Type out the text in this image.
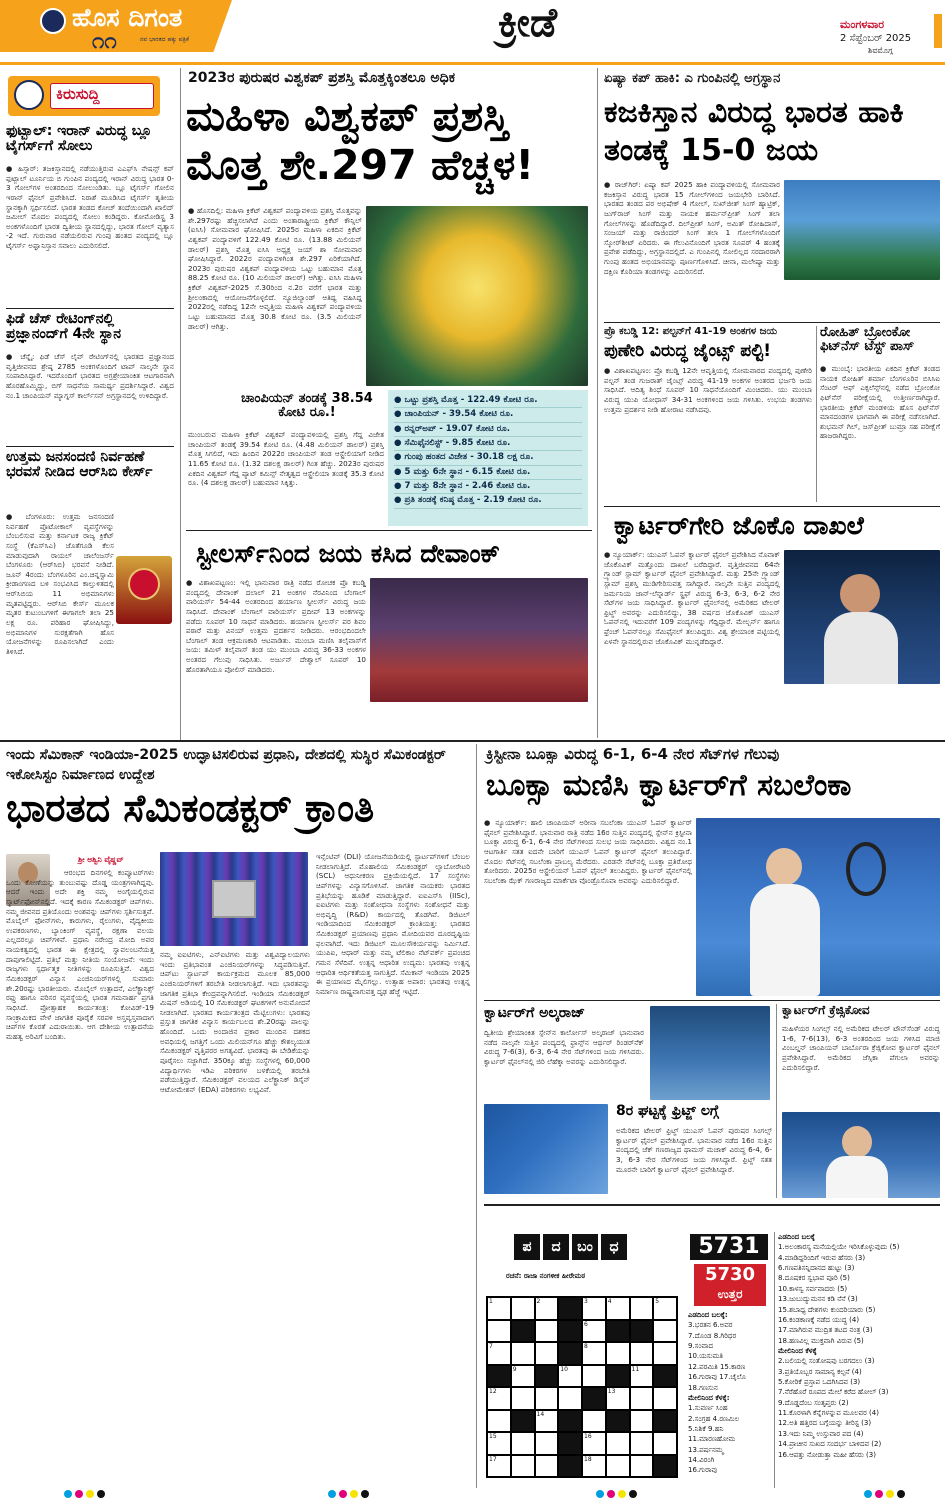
ಹೊಸ ದಿಗಂತ
ನವ ಭಾರತದ ಹಕ್ಕು ಪತ್ರಿಕೆ
೧೧	ಕ್ರೀಡೆ	ಮಂಗಳವಾರ
2 ಸೆಪ್ಟೆಂಬರ್ 2025
ಶಿವಮೊಗ್ಗ
ಕಿರುಸುದ್ದಿ
ಫುಟ್ಬಾಲ್: ಇರಾನ್ ವಿರುದ್ಧ ಬ್ಲೂ ಟೈಗರ್ಸ್‌ಗೆ ಸೋಲು
● ಹಿಸ್ಸಾರ್: ತಜಕಿಸ್ತಾನದಲ್ಲಿ ನಡೆಯುತ್ತಿರುವ ಎಎಫ್‌ಸಿ ನೇಷನ್ಸ್ ಕಪ್ ಫುಟ್ಬಾಲ್ ಟೂರ್ನಿಯ ಬಿ ಗುಂಪಿನ ಪಂದ್ಯದಲ್ಲಿ ಇರಾನ್ ವಿರುದ್ಧ ಭಾರತ 0-3 ಗೋಲ್‌ಗಳ ಅಂತರದಿಂದ ಸೋಲುಂಡಿತು. ಬ್ಲೂ ಟೈಗರ್ಸ್ ಗೋಲಿನ ಇರಾನ್ ಫೈನಲ್ ಪ್ರವೇಶಿಸಿದೆ. ನಿರಾಶೆ ಮೂಡಿಸಿದ ಟೈಗರ್ಸ್ ತೃತೀಯ ಸ್ಥಾನಕ್ಕಾಗಿ ಸ್ಪರ್ಧಿಸಲಿದೆ. ಭಾರತ ತಂಡದ ಕೋಚ್ ತಂದೆಯಿಂದಾಗಿ ಖಾಲಿದ್ ಜಮೀಲ್ ಮೊದಲ ಪಂದ್ಯದಲ್ಲಿ ಸೋಲು ಕಂಡಿದ್ದರು. ಕೋಮೋಡಿಸ್ಟ್ರ 3 ಅಂಕಗಳೊಂದಿಗೆ ಭಾರತ ದ್ವಿತೀಯ ಸ್ಥಾನದಲ್ಲಿದ್ದು, ಭಾರತ ಗೋಲ್ ವ್ಯತ್ಯಾಸ -2 ಇದೆ. ಗುರುವಾರ ನಡೆಯಲಿರುವ ಗುಂಪು ಹಂತದ ಪಂದ್ಯದಲ್ಲಿ ಬ್ಲೂ ಟೈಗರ್ಸ್ ಅಫ್ಘಾನಿಸ್ತಾನ ಸವಾಲು ಎದುರಿಸಲಿದೆ.
ಫಿಡೆ ಚೆಸ್ ರೇಟಿಂಗ್‌ನಲ್ಲಿ ಪ್ರಜ್ಞಾನಂದ್‌ಗೆ 4ನೇ ಸ್ಥಾನ
● ಚೆನ್ನೈ: ಫಿಡೆ ಚೆಸ್ ಲೈವ್ ರೇಟಿಂಗ್‌ನಲ್ಲಿ ಭಾರತದ ಪ್ರಜ್ಞಾನಂದ ವೃತ್ತಿಜೀವನದ ಶ್ರೇಷ್ಠ 2785 ಅಂಕಗಳೊಂದಿಗೆ ಟಾಪ್ ನಾಲ್ಕನೇ ಸ್ಥಾನ ಸಂಪಾದಿಸಿದ್ದಾರೆ. ಇದರೊಂದಿಗೆ ಭಾರತದ ಅಗ್ರಶ್ರೇಯಾಂಕಿತ ಆಟಗಾರನಾಗಿ ಹೊರಹೊಮ್ಮಿದ್ದು, ಬಿಗ್ ಸಾಧನೆಯ ಸಾಮರ್ಥ್ಯ ಪ್ರದರ್ಶಿಸಿದ್ದಾರೆ. ವಿಶ್ವದ ನಂ.1 ಚಾಂಪಿಯನ್ ಮ್ಯಾಗ್ನಸ್ ಕಾರ್ಲ್‌ಸನ್ ಅಗ್ರಸ್ಥಾನದಲ್ಲಿ ಉಳಿದಿದ್ದಾರೆ.
ಉತ್ತಮ ಜನಸಂದಣಿ ನಿರ್ವಹಣೆ ಭರವಸೆ ನೀಡಿದ ಆರ್‌ಸಿಬಿ ಕೇರ್ಸ್
● ಬೆಂಗಳೂರು: ಉತ್ತಮ ಜನಸಂದಣಿ ನಿರ್ವಹಣೆ ಪ್ರೊಟೋಕಾಲ್ ವ್ಯವಸ್ಥೆಗಳನ್ನು ಬೆಂಬಲಿಸುವ ಮತ್ತು ಕರ್ನಾಟಕ ರಾಜ್ಯ ಕ್ರಿಕೆಟ್ ಸಂಸ್ಥೆ (ಕೆಎಸ್‌ಸಿಎ) ಜೊತೆಗೂಡಿ ಕೆಲಸ ಮಾಡುವುದಾಗಿ ರಾಯಲ್ ಚಾಲೆಂಜರ್ಸ್ ಬೆಂಗಳೂರು (ಆರ್‌ಸಿಬಿ) ಭರವಸೆ ನೀಡಿದೆ. ಜೂನ್ 4ರಂದು ಬೆಂಗಳೂರಿನ ಎಂ.ಚಿನ್ನಸ್ವಾಮಿ ಕ್ರೀಡಾಂಗಣದ ಬಳಿ ಸಂಭವಿಸಿದ ಕಾಲ್ತುಳಿತದಲ್ಲಿ ಆರ್‌ಸಿಬಿಯ 11 ಅಭಿಮಾನಿಗಳು ಮೃತಪಟ್ಟಿದ್ದರು. ಆರ್‌ಸಿಬಿ ಕೇರ್ಸ್ ಮೂಲಕ ಮೃತರ ಕುಟುಂಬಗಳಿಗೆ ಈಗಾಗಲೇ ತಲಾ 25 ಲಕ್ಷ ರೂ. ಪರಿಹಾರ ಘೋಷಿಸಿದ್ದು, ಅಭಿಮಾನಿಗಳ ಸುರಕ್ಷತೆಗಾಗಿ ಹೊಸ ಯೋಜನೆಗಳನ್ನು ರೂಪಿಸಲಾಗಿದೆ ಎಂದು ತಿಳಿಸಿದೆ.
2023ರ ಪುರುಷರ ವಿಶ್ವಕಪ್ ಪ್ರಶಸ್ತಿ ಮೊತ್ತಕ್ಕಿಂತಲೂ ಅಧಿಕ
ಮಹಿಳಾ ವಿಶ್ವಕಪ್ ಪ್ರಶಸ್ತಿ ಮೊತ್ತ ಶೇ.297 ಹೆಚ್ಚಳ!
● ಹೊಸದಿಲ್ಲಿ: ಮಹಿಳಾ ಕ್ರಿಕೆಟ್ ವಿಶ್ವಕಪ್ ಪಂದ್ಯಾವಳಿಯ ಪ್ರಶಸ್ತಿ ಮೊತ್ತವನ್ನು ಶೇ.297ರಷ್ಟು ಹೆಚ್ಚಿಸಲಾಗಿದೆ ಎಂದು ಅಂತಾರಾಷ್ಟ್ರೀಯ ಕ್ರಿಕೆಟ್ ಕೌನ್ಸಿಲ್ (ಐಸಿಸಿ) ಸೋಮವಾರ ಘೋಷಿಸಿದೆ. 2025ರ ಮಹಿಳಾ ಏಕದಿನ ಕ್ರಿಕೆಟ್ ವಿಶ್ವಕಪ್ ಪಂದ್ಯಾವಳಿಗೆ 122.49 ಕೋಟಿ ರೂ. (13.88 ಮಿಲಿಯನ್ ಡಾಲರ್) ಪ್ರಶಸ್ತಿ ಮೊತ್ತ ಐಸಿಸಿ ಅಧ್ಯಕ್ಷ ಜಯ್ ಶಾ ಸೋಮವಾರ ಘೋಷಿಸಿದ್ದಾರೆ. 2022ರ ಪಂದ್ಯಾವಳಿಗಿಂತ ಶೇ.297 ಏರಿಕೆಯಾಗಿದೆ. 2023ರ ಪುರುಷರ ವಿಶ್ವಕಪ್ ಪಂದ್ಯಾವಳಿಯ ಒಟ್ಟು ಬಹುಮಾನ ಮೊತ್ತ 88.25 ಕೋಟಿ ರೂ. (10 ಮಿಲಿಯನ್ ಡಾಲರ್) ಆಗಿತ್ತು. ಐಸಿಸಿ ಮಹಿಳಾ ಕ್ರಿಕೆಟ್ ವಿಶ್ವಕಪ್-2025 ಸೆ.30ರಿಂದ ನ.2ರ ವರೆಗೆ ಭಾರತ ಮತ್ತು ಶ್ರೀಲಂಕಾದಲ್ಲಿ ಆಯೋಜನೆಗೊಳ್ಳಲಿದೆ. ನ್ಯೂಜಿಲ್ಯಾಂಡ್ ಆತಿಥ್ಯ ವಹಿಸಿದ್ದ 2022ರಲ್ಲಿ ನಡೆದಿದ್ದ 12ನೇ ಆವೃತ್ತಿಯ ಮಹಿಳಾ ವಿಶ್ವಕಪ್ ಪಂದ್ಯಾವಳಿಯ ಒಟ್ಟು ಬಹುಮಾನದ ಮೊತ್ತ 30.8 ಕೋಟಿ ರೂ. (3.5 ಮಿಲಿಯನ್ ಡಾಲರ್) ಆಗಿತ್ತು.
ಚಾಂಪಿಯನ್ ತಂಡಕ್ಕೆ 38.54 ಕೋಟಿ ರೂ.!
ಮುಂಬರುವ ಮಹಿಳಾ ಕ್ರಿಕೆಟ್ ವಿಶ್ವಕಪ್ ಪಂದ್ಯಾವಳಿಯಲ್ಲಿ ಪ್ರಶಸ್ತಿ ಗೆದ್ದ ವಿಜೇತ ಚಾಂಪಿಯನ್ ತಂಡಕ್ಕೆ 39.54 ಕೋಟಿ ರೂ. (4.48 ಮಿಲಿಯನ್ ಡಾಲರ್) ಪ್ರಶಸ್ತಿ ಮೊತ್ತ ಸಿಗಲಿದೆ, ಇದು ಹಿಂದಿನ 2022ರ ಚಾಂಪಿಯನ್ ತಂಡ ಆಸ್ಟ್ರೇಲಿಯಾಗೆ ನೀಡಿದ 11.65 ಕೋಟಿ ರೂ. (1.32 ದಶಲಕ್ಷ ಡಾಲರ್) ಗಿಂತ ಹೆಚ್ಚು. 2023ರ ಪುರುಷರ ಏಕದಿನ ವಿಶ್ವಕಪ್ ಗೆದ್ದ ಪ್ಯಾಟ್ ಕಮಿನ್ಸ್ ನೇತೃತ್ವದ ಆಸ್ಟ್ರೇಲಿಯಾ ತಂಡಕ್ಕೆ 35.3 ಕೋಟಿ ರೂ. (4 ದಶಲಕ್ಷ ಡಾಲರ್) ಬಹುಮಾನ ಸಿಕ್ಕಿತ್ತು.
● ಒಟ್ಟು ಪ್ರಶಸ್ತಿ ಮೊತ್ತ - 122.49 ಕೋಟಿ ರೂ.
● ಚಾಂಪಿಯನ್ - 39.54 ಕೋಟಿ ರೂ.
● ರನ್ನರ್‌ಅಪ್ - 19.07 ಕೋಟಿ ರೂ.
● ಸೆಮಿಫೈನಲಿಸ್ಟ್ - 9.85 ಕೋಟಿ ರೂ.
● ಗುಂಪು ಹಂತದ ವಿಜೇತ - 30.18 ಲಕ್ಷ ರೂ.
● 5 ಮತ್ತು 6ನೇ ಸ್ಥಾನ - 6.15 ಕೋಟಿ ರೂ.
● 7 ಮತ್ತು 8ನೇ ಸ್ಥಾನ - 2.46 ಕೋಟಿ ರೂ.
● ಪ್ರತಿ ತಂಡಕ್ಕೆ ಕನಿಷ್ಠ ಮೊತ್ತ - 2.19 ಕೋಟಿ ರೂ.
ಏಷ್ಯಾ ಕಪ್ ಹಾಕಿ: ಎ ಗುಂಪಿನಲ್ಲಿ ಅಗ್ರಸ್ಥಾನ
ಕಜಕಿಸ್ತಾನ ವಿರುದ್ಧ ಭಾರತ ಹಾಕಿ ತಂಡಕ್ಕೆ 15-0 ಜಯ
● ರಾಜ್‌ಗಿರ್: ಏಷ್ಯಾ ಕಪ್ 2025 ಹಾಕಿ ಪಂದ್ಯಾವಳಿಯಲ್ಲಿ ಸೋಮವಾರ ಕಜಕಿಸ್ತಾನ ವಿರುದ್ಧ ಭಾರತ 15 ಗೋಲ್‌ಗಳಿಂದ ಜಯಭೇರಿ ಬಾರಿಸಿದೆ. ಭಾರತದ ತಂಡದ ಪರ ಅಭಿಷೇಕ್ 4 ಗೋಲ್, ಸುಖ್‌ಜೀತ್ ಸಿಂಗ್ ಹ್ಯಾಟ್ರಿಕ್, ಜುಗ್‌ರಾಜ್ ಸಿಂಗ್ ಮತ್ತು ನಾಯಕ ಹರ್ಮನ್‌ಪ್ರೀತ್ ಸಿಂಗ್ ತಲಾ ಗೋಲ್‌ಗಳನ್ನು ಹೊಡೆದಿದ್ದಾರೆ. ದಿಲ್‌ಪ್ರೀತ್ ಸಿಂಗ್, ಅಮಿತ್ ರೋಹಿದಾಸ್, ಸಂಜಯ್ ಮತ್ತು ರಾಜಿಂದರ್ ಸಿಂಗ್ ತಲಾ 1 ಗೋಲ್‌ಗಳೊಂದಿಗೆ ಸ್ಕೋರ್‌ಶೀಟ್ ಏರಿದರು. ಈ ಗೆಲುವಿನೊಂದಿಗೆ ಭಾರತ ಸೂಪರ್ 4 ಹಂತಕ್ಕೆ ಪ್ರವೇಶ ಪಡೆದಿದ್ದು, ಅಗ್ರಸ್ಥಾನದಲ್ಲಿದೆ. ಎ ಗುಂಪಿನಲ್ಲಿ ಸೋಲಿಲ್ಲದ ಸರದಾರರಾಗಿ ಗುಂಪು ಹಂತದ ಅಭಿಯಾನವನ್ನು ಪೂರ್ಣಗೊಳಿಸಿದೆ. ಚೀನಾ, ಮಲೇಷ್ಯಾ ಮತ್ತು ದಕ್ಷಿಣ ಕೊರಿಯಾ ತಂಡಗಳನ್ನು ಎದುರಿಸಲಿದೆ.
ಪ್ರೊ ಕಬಡ್ಡಿ 12: ಪಲ್ಟನ್‌ಗೆ 41-19 ಅಂಕಗಳ ಜಯ
ಪುಣೇರಿ ವಿರುದ್ಧ ಜೈಂಟ್ಸ್ ಪಲ್ಟಿ!
● ವಿಶಾಖಪಟ್ಟಣಂ: ಪ್ರೊ ಕಬಡ್ಡಿ 12ನೇ ಆವೃತ್ತಿಯಲ್ಲಿ ಸೋಮವಾರದ ಪಂದ್ಯದಲ್ಲಿ ಪುಣೇರಿ ಪಲ್ಟನ್ ತಂಡ ಗುಜರಾತ್ ಜೈಂಟ್ಸ್ ವಿರುದ್ಧ 41-19 ಅಂಕಗಳ ಅಂತರದ ಭರ್ಜರಿ ಜಯ ಸಾಧಿಸಿದೆ. ಆದಿತ್ಯ ಶಿಂಧೆ ಸೂಪರ್ 10 ಸಾಧನೆಯೊಂದಿಗೆ ಮಿಂಚಿದರು. ಯು ಮುಂಬಾ ವಿರುದ್ಧ ಯುಪಿ ಯೋಧಾಸ್ 34-31 ಅಂಕಗಳಿಂದ ಜಯ ಗಳಿಸಿತು. ಉಭಯ ತಂಡಗಳು ಉತ್ತಮ ಪ್ರದರ್ಶನ ನೀಡಿ ಹೋರಾಟ ನಡೆಸಿದವು.
ರೋಹಿತ್ ಬ್ರೋಂಕೋ ಫಿಟ್‌ನೆಸ್ ಟೆಸ್ಟ್ ಪಾಸ್
● ಮುಂಬೈ: ಭಾರತೀಯ ಏಕದಿನ ಕ್ರಿಕೆಟ್ ತಂಡದ ನಾಯಕ ರೋಹಿತ್ ಶರ್ಮಾ ಬೆಂಗಳೂರಿನ ಬಿಸಿಸಿಐ ಸೆಂಟರ್ ಆಫ್ ಎಕ್ಸಲೆನ್ಸ್‌ನಲ್ಲಿ ನಡೆದ ಬ್ರೋಂಕೋ ಫಿಟ್‌ನೆಸ್ ಪರೀಕ್ಷೆಯಲ್ಲಿ ಉತ್ತೀರ್ಣರಾಗಿದ್ದಾರೆ. ಭಾರತೀಯ ಕ್ರಿಕೆಟ್ ಮಂಡಳಿಯ ಹೊಸ ಫಿಟ್‌ನೆಸ್ ಮಾನದಂಡಗಳ ಭಾಗವಾಗಿ ಈ ಪರೀಕ್ಷೆ ನಡೆಸಲಾಗಿದೆ. ಶುಭಮನ್ ಗಿಲ್, ಜಸ್‌ಪ್ರೀತ್ ಬುಮ್ರಾ ಸಹ ಪರೀಕ್ಷೆಗೆ ಹಾಜರಾಗಿದ್ದರು.
ಕ್ವಾರ್ಟರ್‌ಗೇರಿ ಜೊಕೊ ದಾಖಲೆ
● ನ್ಯೂಯಾರ್ಕ್: ಯುಎಸ್ ಓಪನ್ ಕ್ವಾರ್ಟರ್ ಫೈನಲ್ ಪ್ರವೇಶಿಸಿದ ನೊವಾಕ್ ಜೊಕೊವಿಕ್ ಮತ್ತೊಂದು ದಾಖಲೆ ಬರೆದಿದ್ದಾರೆ. ವೃತ್ತಿಜೀವನದ 64ನೇ ಗ್ರ್ಯಾಂಡ್ ಸ್ಲಾಮ್ ಕ್ವಾರ್ಟರ್ ಫೈನಲ್ ಪ್ರವೇಶಿಸಿದ್ದಾರೆ. ಮತ್ತು 25ನೇ ಗ್ರ್ಯಾಂಡ್ ಸ್ಲಾಮ್ ಪ್ರಶಸ್ತಿ ಮುಡಿಗೇರಿಸುವತ್ತ ಸಾಗಿದ್ದಾರೆ. ನಾಲ್ಕನೇ ಸುತ್ತಿನ ಪಂದ್ಯದಲ್ಲಿ ಜರ್ಮನಿಯ ಜಾನ್-ಲೆನ್ನಾರ್ಡ್ ಸ್ಟ್ರಫ್ ವಿರುದ್ಧ 6-3, 6-3, 6-2 ನೇರ ಸೆಟ್‌ಗಳ ಜಯ ಸಾಧಿಸಿದ್ದಾರೆ. ಕ್ವಾರ್ಟರ್ ಫೈನಲ್‌ನಲ್ಲಿ ಅಮೆರಿಕದ ಟೇಲರ್ ಫ್ರಿಟ್ಜ್ ಅವರನ್ನು ಎದುರಿಸಲಿದ್ದು, 38 ವರ್ಷದ ಜೊಕೊವಿಕ್ ಯುಎಸ್ ಓಪನ್‌ನಲ್ಲಿ ಇದುವರೆಗೆ 109 ಪಂದ್ಯಗಳನ್ನು ಗೆದ್ದಿದ್ದಾರೆ. ಮೇಲ್ಬರ್ನ್ ಹಾಗೂ ಫ್ರೆಂಚ್ ಓಪನ್‌ನಲ್ಲೂ ಸೆಮಿಫೈನಲ್ ತಲುಪಿದ್ದರು. ವಿಶ್ವ ಶ್ರೇಯಾಂಕ ಪಟ್ಟಿಯಲ್ಲಿ ಏಳನೇ ಸ್ಥಾನದಲ್ಲಿರುವ ಜೊಕೊವಿಕ್ ಮುನ್ನಡೆದಿದ್ದಾರೆ.
ಸ್ಟೀಲರ್ಸ್‌ನಿಂದ ಜಯ ಕಸಿದ ದೇವಾಂಕ್
● ವಿಶಾಖಪಟ್ಟಣಂ: ಇಲ್ಲಿ ಭಾನುವಾರ ರಾತ್ರಿ ನಡೆದ ರೋಚಕ ಪ್ರೊ ಕಬಡ್ಡಿ ಪಂದ್ಯದಲ್ಲಿ ದೇವಾಂಕ್ ದಲಾಲ್ 21 ಅಂಕಗಳ ನೆರವಿನಿಂದ ಬೆಂಗಾಲ್ ವಾರಿಯರ್ಸ್ 54-44 ಅಂತರದಿಂದ ಹರ್ಯಾಣ ಸ್ಟೀಲರ್ಸ್ ವಿರುದ್ಧ ಜಯ ಸಾಧಿಸಿದೆ. ದೇವಾಂಕ್ ಬೆಂಗಾಲ್ ವಾರಿಯರ್ಸ್ ಪ್ರದೀಪ್ 13 ಅಂಕಗಳನ್ನು ಪಡೆದು ಸೂಪರ್ 10 ಸಾಧನೆ ಮಾಡಿದರು. ಹರ್ಯಾಣ ಸ್ಟೀಲರ್ಸ್ ಪರ ಶಿವಂ ಪಠಾರೆ ಮತ್ತು ವಿನಯ್ ಉತ್ತಮ ಪ್ರದರ್ಶನ ನೀಡಿದರು. ಆರಂಭದಿಂದಲೇ ಬೆಂಗಾಲ್ ತಂಡ ಆಕ್ರಮಣಕಾರಿ ಆಟವಾಡಿತು. ಮುಂಬಾ ಮಣಿಸಿ ತಲೈವಾಸ್‌ಗೆ ಜಯ: ತಮಿಳ್ ತಲೈವಾಸ್ ತಂಡ ಯು ಮುಂಬಾ ವಿರುದ್ಧ 36-33 ಅಂಕಗಳ ಅಂತರದ ಗೆಲುವು ಸಾಧಿಸಿತು. ಅರ್ಜುನ್ ದೇಶ್ವಾಲ್ ಸೂಪರ್ 10 ಹೊರತಾಗಿಯೂ ಪೋಲಿಸ್ ಮಾಡಿದರು.
ಇಂದು ಸೆಮಿಕಾನ್ ಇಂಡಿಯಾ-2025 ಉದ್ಘಾಟಿಸಲಿರುವ ಪ್ರಧಾನಿ, ದೇಶದಲ್ಲಿ ಸುಸ್ಥಿರ ಸೆಮಿಕಂಡಕ್ಟರ್ ಇಕೋಸಿಸ್ಟಂ ನಿರ್ಮಾಣದ ಉದ್ದೇಶ
ಭಾರತದ ಸೆಮಿಕಂಡಕ್ಟರ್ ಕ್ರಾಂತಿ
ಶ್ರೀ ಅಶ್ವಿನಿ ವೈಷ್ಣವ್
ಆರಂಭದ ದಿನಗಳಲ್ಲಿ ಕಂಪ್ಯೂಟರ್‌ಗಳು ಒಂದು ಕೋಣೆಯನ್ನು ತುಂಬುವಷ್ಟು ದೊಡ್ಡ ಯಂತ್ರಗಳಾಗಿದ್ದವು. ಆದರೆ ಇಂದು ಅದೇ ಶಕ್ತಿ ನಮ್ಮ ಅಂಗೈಯಲ್ಲಿರುವ ಸ್ಮಾರ್ಟ್‌ಫೋನ್‌ನಲ್ಲಿದೆ. ಇದಕ್ಕೆ ಕಾರಣ ಸೆಮಿಕಂಡಕ್ಟರ್ ಚಿಪ್‌ಗಳು. ನಮ್ಮ ಜೀವನದ ಪ್ರತಿಯೊಂದು ಅಂಶವನ್ನು ಚಿಪ್‌ಗಳು ಸ್ಪರ್ಶಿಸುತ್ತವೆ. ಮೊಬೈಲ್ ಫೋನ್‌ಗಳು, ಕಾರುಗಳು, ರೈಲುಗಳು, ವೈದ್ಯಕೀಯ ಉಪಕರಣಗಳು, ಬ್ಯಾಂಕಿಂಗ್ ವ್ಯವಸ್ಥೆ, ರಕ್ಷಣಾ ವಲಯ ಎಲ್ಲದರಲ್ಲೂ ಚಿಪ್‌ಗಳಿವೆ. ಪ್ರಧಾನಿ ನರೇಂದ್ರ ಮೋದಿ ಅವರ ನಾಯಕತ್ವದಲ್ಲಿ ಭಾರತ ಈ ಕ್ಷೇತ್ರದಲ್ಲಿ ಸ್ವಾವಲಂಬನೆಯತ್ತ ದಾಪುಗಾಲಿಟ್ಟಿದೆ. ಪ್ರತಿಭೆ ಮತ್ತು ನೀತಿಯ ಸಂಯೋಜನೆ: ಇಂದು ರಾಜ್ಯಗಳು ಸ್ಪರ್ಧಾತ್ಮಕ ನೀತಿಗಳನ್ನು ರೂಪಿಸುತ್ತಿವೆ. ವಿಶ್ವದ ಸೆಮಿಕಂಡಕ್ಟರ್ ವಿನ್ಯಾಸ ಎಂಜಿನಿಯರ್‌ಗಳಲ್ಲಿ ಸುಮಾರು ಶೇ.20ರಷ್ಟು ಭಾರತೀಯರು. ಮೊಬೈಲ್ ಉತ್ಪಾದನೆ, ಎಲೆಕ್ಟ್ರಾನಿಕ್ಸ್ ರಫ್ತು ಹಾಗೂ ಪರಿಸರ ವ್ಯವಸ್ಥೆಯಲ್ಲಿ ಭಾರತ ಗಮನಾರ್ಹ ಪ್ರಗತಿ ಸಾಧಿಸಿದೆ. ಪ್ರೋತ್ಸಾಹಕ ಕಾರ್ಯತಂತ್ರ: ಕೋವಿಡ್-19 ಸಾಂಕ್ರಾಮಿಕದ ವೇಳೆ ಜಾಗತಿಕ ಪೂರೈಕೆ ಸರಪಳಿ ಅಸ್ತವ್ಯಸ್ತವಾದಾಗ ಚಿಪ್‌ಗಳ ಕೊರತೆ ಎದುರಾಯಿತು. ಆಗ ದೇಶೀಯ ಉತ್ಪಾದನೆಯ ಮಹತ್ವ ಅರಿವಿಗೆ ಬಂದಿತು.
ನಮ್ಮ ಐಐಟಿಗಳು, ಎನ್‌ಐಟಿಗಳು ಮತ್ತು ವಿಶ್ವವಿದ್ಯಾಲಯಗಳು ಇಂದು ಪ್ರತಿಭಾವಂತ ಎಂಜಿನಿಯರ್‌ಗಳನ್ನು ಸಿದ್ಧಪಡಿಸುತ್ತಿವೆ. ಚಿಪ್‌ಟು ಸ್ಟಾರ್ಟಪ್ ಕಾರ್ಯಕ್ರಮದ ಮೂಲಕ 85,000 ಎಂಜಿನಿಯರ್‌ಗಳಿಗೆ ತರಬೇತಿ ನೀಡಲಾಗುತ್ತಿದೆ. ಇದು ಭಾರತವನ್ನು ಜಾಗತಿಕ ಪ್ರತಿಭಾ ಕೇಂದ್ರವನ್ನಾಗಿಸಲಿದೆ. ಇಂಡಿಯಾ ಸೆಮಿಕಂಡಕ್ಟರ್ ಮಿಷನ್ ಅಡಿಯಲ್ಲಿ 10 ಸೆಮಿಕಂಡಕ್ಟರ್ ಘಟಕಗಳಿಗೆ ಅನುಮೋದನೆ ನೀಡಲಾಗಿದೆ. ಭಾರತದ ಕಾರ್ಯತಂತ್ರದ ಮೆಟ್ಟಿಲುಗಳು: ಭಾರತವು ಪ್ರಸ್ತುತ ಜಾಗತಿಕ ವಿನ್ಯಾಸ ಕಾರ್ಯಬಲದ ಶೇ.20ರಷ್ಟು ಪಾಲನ್ನು ಹೊಂದಿದೆ. ಒಂದು ಅಂದಾಜಿನ ಪ್ರಕಾರ ಮುಂದಿನ ದಶಕದ ಅವಧಿಯಲ್ಲಿ ಜಗತ್ತಿಗೆ ಒಂದು ಮಿಲಿಯನ್‌ಗೂ ಹೆಚ್ಚು ಕೌಶಲ್ಯಯುತ ಸೆಮಿಕಂಡಕ್ಟರ್ ವೃತ್ತಿಪರರ ಅಗತ್ಯವಿದೆ. ಭಾರತವು ಈ ಬೇಡಿಕೆಯನ್ನು ಪೂರೈಸಲು ಸಜ್ಜಾಗಿದೆ. 350ಕ್ಕೂ ಹೆಚ್ಚು ಸಂಸ್ಥೆಗಳಲ್ಲಿ 60,000 ವಿದ್ಯಾರ್ಥಿಗಳು ಇಡಿಎ ಪರಿಕರಗಳ ಬಳಕೆಯಲ್ಲಿ ತರಬೇತಿ ಪಡೆಯುತ್ತಿದ್ದಾರೆ. ಸೆಮಿಕಂಡಕ್ಟರ್ ವಲಯದ ಎಲೆಕ್ಟ್ರಾನಿಕ್ ಡಿಸೈನ್ ಆಟೋಮೇಶನ್ (EDA) ಪರಿಕರಗಳು ಲಭ್ಯವಿವೆ.
ಇನ್ಸೆಂಟಿವ್ (DLI) ಯೋಜನೆಯಡಿಯಲ್ಲಿ ಸ್ಟಾರ್ಟಪ್‌ಗಳಿಗೆ ಬೆಂಬಲ ನೀಡಲಾಗುತ್ತಿದೆ. ಮೊಹಾಲಿಯ ಸೆಮಿಕಂಡಕ್ಟರ್ ಲ್ಯಾಬೋರೇಟರಿ (SCL) ಆಧುನೀಕರಣ ಪ್ರಕ್ರಿಯೆಯಲ್ಲಿದೆ. 17 ಸಂಸ್ಥೆಗಳು ಚಿಪ್‌ಗಳನ್ನು ವಿನ್ಯಾಸಗೊಳಿಸಿವೆ. ಜಾಗತಿಕ ನಾಯಕರು ಭಾರತದ ಪ್ರತಿಭೆಯನ್ನು ಹೂಡಿಕೆ ಮಾಡುತ್ತಿದ್ದಾರೆ. ಐಐಎಸ್‌ಸಿ (IISc), ಐಐಟಿಗಳು ಮತ್ತು ಸಂಶೋಧನಾ ಸಂಸ್ಥೆಗಳು ಸಂಶೋಧನೆ ಮತ್ತು ಅಭಿವೃದ್ಧಿ (R&D) ಕಾರ್ಯದಲ್ಲಿ ತೊಡಗಿವೆ. ಡಿಜಿಟಲ್ ಇಂಡಿಯಾದಿಂದ ಸೆಮಿಕಂಡಕ್ಟರ್ ಕ್ರಾಂತಿಯತ್ತ: ಭಾರತದ ಸೆಮಿಕಂಡಕ್ಟರ್ ಪ್ರಯಾಣವು ಪ್ರಧಾನಿ ಮೋದಿಯವರ ದೂರದೃಷ್ಟಿಯ ಫಲವಾಗಿದೆ. ಇದು ಡಿಜಿಟಲ್ ಮೂಲಸೌಕರ್ಯವನ್ನು ನಿರ್ಮಿಸಿದೆ. ಯುಪಿಐ, ಆಧಾರ್ ಮತ್ತು ನಮ್ಮ ಟೆಲಿಕಾಂ ನೆಟ್‌ವರ್ಕ್ ಪ್ರಪಂಚದ ಗಮನ ಸೆಳೆದಿವೆ. ಉತ್ಪನ್ನ ಆಧಾರಿತ ಉದ್ಯಮ: ಭಾರತವು ಉತ್ಪನ್ನ ಆಧಾರಿತ ಆರ್ಥಿಕತೆಯತ್ತ ಸಾಗುತ್ತಿದೆ. ಸೆಮಿಕಾನ್ ಇಂಡಿಯಾ 2025 ಈ ಪ್ರಯಾಣದ ಮೈಲಿಗಲ್ಲು. ಉತ್ಸಾಹ ಅಪಾರ: ಭಾರತವು ಉತ್ಪನ್ನ ನಿರ್ಮಾಣ ರಾಷ್ಟ್ರವಾಗುವತ್ತ ದೃಢ ಹೆಜ್ಜೆ ಇಟ್ಟಿದೆ.
ಕ್ರಿಸ್ಟೀನಾ ಬೂಕ್ಸಾ ವಿರುದ್ಧ 6-1, 6-4 ನೇರ ಸೆಟ್‌ಗಳ ಗೆಲುವು
ಬೂಕ್ಸಾ ಮಣಿಸಿ ಕ್ವಾರ್ಟರ್‌ಗೆ ಸಬಲೆಂಕಾ
● ನ್ಯೂಯಾರ್ಕ್: ಹಾಲಿ ಚಾಂಪಿಯನ್ ಅರೀನಾ ಸಬಲೆಂಕಾ ಯುಎಸ್ ಓಪನ್ ಕ್ವಾರ್ಟರ್ ಫೈನಲ್ ಪ್ರವೇಶಿಸಿದ್ದಾರೆ. ಭಾನುವಾರ ರಾತ್ರಿ ನಡೆದ 16ರ ಸುತ್ತಿನ ಪಂದ್ಯದಲ್ಲಿ ಸ್ಪೇನ್‌ನ ಕ್ರಿಸ್ಟೀನಾ ಬೂಕ್ಸಾ ವಿರುದ್ಧ 6-1, 6-4 ನೇರ ಸೆಟ್‌ಗಳಿಂದ ಸುಲಭ ಜಯ ಸಾಧಿಸಿದರು. ವಿಶ್ವದ ನಂ.1 ಆಟಗಾರ್ತಿ ಸತತ ಐದನೇ ಬಾರಿಗೆ ಯುಎಸ್ ಓಪನ್ ಕ್ವಾರ್ಟರ್ ಫೈನಲ್ ತಲುಪಿದ್ದಾರೆ. ಮೊದಲ ಸೆಟ್‌ನಲ್ಲಿ ಸಬಲೆಂಕಾ ಪ್ರಾಬಲ್ಯ ಮೆರೆದರು. ಎರಡನೇ ಸೆಟ್‌ನಲ್ಲಿ ಬೂಕ್ಸಾ ಪ್ರತಿರೋಧ ತೋರಿದರು. 2025ರ ಆಸ್ಟ್ರೇಲಿಯನ್ ಓಪನ್ ಫೈನಲ್ ತಲುಪಿದ್ದರು. ಕ್ವಾರ್ಟರ್ ಫೈನಲ್‌ನಲ್ಲಿ ಸಬಲೆಂಕಾ ಝೆಕ್ ಗಣರಾಜ್ಯದ ಮಾರ್ಕೆಟಾ ವೊಂಡ್ರೊಸೊವಾ ಅವರನ್ನು ಎದುರಿಸಲಿದ್ದಾರೆ.
ಕ್ವಾರ್ಟರ್‌ಗೆ ಅಲ್ಕರಾಜ್
ದ್ವಿತೀಯ ಶ್ರೇಯಾಂಕಿತ ಸ್ಪೇನ್‌ನ ಕಾರ್ಲೋಸ್ ಅಲ್ಕರಾಜ್ ಭಾನುವಾರ ನಡೆದ ನಾಲ್ಕನೇ ಸುತ್ತಿನ ಪಂದ್ಯದಲ್ಲಿ ಫ್ರಾನ್ಸ್‌ನ ಆರ್ಥರ್ ರಿಂಡರ್‌ನೆಕ್ ವಿರುದ್ಧ 7-6(3), 6-3, 6-4 ನೇರ ಸೆಟ್‌ಗಳಿಂದ ಜಯ ಗಳಿಸಿದರು. ಕ್ವಾರ್ಟರ್ ಫೈನಲ್‌ನಲ್ಲಿ ಜಿರಿ ಲೆಹೆಕ್ಕಾ ಅವರನ್ನು ಎದುರಿಸಲಿದ್ದಾರೆ.
8ರ ಘಟ್ಟಕ್ಕೆ ಫ್ರಿಟ್ಜ್ ಲಗ್ಗೆ
ಅಮೆರಿಕದ ಟೇಲರ್ ಫ್ರಿಟ್ಜ್ ಯುಎಸ್ ಓಪನ್ ಪುರುಷರ ಸಿಂಗಲ್ಸ್ ಕ್ವಾರ್ಟರ್ ಫೈನಲ್ ಪ್ರವೇಶಿಸಿದ್ದಾರೆ. ಭಾನುವಾರ ನಡೆದ 16ರ ಸುತ್ತಿನ ಪಂದ್ಯದಲ್ಲಿ ಜೆಕ್ ಗಣರಾಜ್ಯದ ಥಾಮಸ್ ಮಚಾಕ್ ವಿರುದ್ಧ 6-4, 6-3, 6-3 ನೇರ ಸೆಟ್‌ಗಳಿಂದ ಜಯ ಗಳಿಸಿದ್ದಾರೆ. ಫ್ರಿಟ್ಜ್ ಸತತ ಮೂರನೇ ಬಾರಿಗೆ ಕ್ವಾರ್ಟರ್ ಫೈನಲ್ ಪ್ರವೇಶಿಸಿದ್ದಾರೆ.
ಕ್ವಾರ್ಟರ್‌ಗೆ ಕ್ರೆಜ್ಸಿಕೋವ
ಮಹಿಳೆಯರ ಸಿಂಗಲ್ಸ್ ನಲ್ಲಿ ಅಮೆರಿಕದ ಟೇಲರ್ ಟೌನ್‌ಸೆಂಡ್ ವಿರುದ್ಧ 1-6, 7-6(13), 6-3 ಅಂತರದಿಂದ ಜಯ ಗಳಿಸಿದ ಮಾಜಿ ವಿಂಬಲ್ಡನ್ ಚಾಂಪಿಯನ್ ಬಾರ್ಬೊರಾ ಕ್ರೆಜ್ಸಿಕೋವ ಕ್ವಾರ್ಟರ್ ಫೈನಲ್ ಪ್ರವೇಶಿಸಿದ್ದಾರೆ. ಅಮೆರಿಕದ ಜೆಸ್ಸಿಕಾ ಪೆಗುಲಾ ಅವರನ್ನು ಎದುರಿಸಲಿದ್ದಾರೆ.
ಪ	ದ	ಬಂ	ಧ
ರಚನೆ: ರಾಜಾ ನಂಗಳೀಕ ಹೀರೇಮಠ
1	2	3	4	5
6
7	8
9	10	11
12	13
14
15	16
17	18
5731
5730
ಉತ್ತರ
ಎಡದಿಂದ ಬಲಕ್ಕೆ:
3.ಭರತನ 6.ಅವರ
7.ದೊಂಡ 8.ಗಿರಿಧರ
9.ಸಂವಾದ
10.ಯಸುಮತಿ
12.ಪರಮಿತಿ 15.ಕಾರಣ
16.ಗುರಾವು 17.ಚೈಲೊ
18.ಗಣಸುನ
ಮೇಲಿನಿಂದ ಕೆಳಕ್ಕೆ:
1.ಸುವರ್ಣ ಸಿಂಹ
2.ಸಂಗ್ರಹ 4.ರಣಮಿಲ
5.ನಿಶಿಕೆ 9.ಹನಿ
11.ಮಾರಣಹೋಮ
13.ಪರ್ಷನಮ್ಮ
14.ವಿರಂಗಿ
16.ಗುರಾವು
ಎಡದಿಂದ ಬಲಕ್ಕೆ
1.ಅಲಂಕಾರಸ್ಯ ಮನೆಯಲ್ಲಿಯೇ ಇರಿಸಿಕೊಳ್ಳುವುದು (5)
4.ಮಾಡಿದ್ದರಿಂದಿಗೆ ಇರುವ ಹೆಸರು (3)
6.ಗಣಪತಿಸನ್ನಿದಾನದ ಹುಟ್ಟು (3)
8.ದೂಷಕರ ಸ್ವಭಾವ ಪೂರಿ (5)
10.ಕಾಳಸ್ವ ಸರ್ವವಾದರು (5)
13.ಜುಬುದ್ಯುಮನನ ಕಡಿ ನೆನೆ (3)
15.ಶಬಾಧ್ಯ ದೇಶಗಳು ಕುಂದರಿಯಾರು (5)
16.ಕಂಡಕಾಣಕ್ಕೆ ನಡೆದ ಯುದ್ಧ (4)
17.ಮಾಗಿರುವ ಮುದ್ರಿತ ತಟದ ನಂತ್ರ (3)
18.ಹಣವಿಲ್ಲ ಮುಕ್ತವಾಗಿ ವಿರುವ (5)
ಮೇಲಿನಿಂದ ಕೆಳಕ್ಕೆ
2.ಬಲಿಯಲ್ಲಿ ಸಂತೋಷವು ಬರಗದಲು (3)
3.ಪ್ರತಿಯೊಬ್ಬರ ಸಾಮಾನ್ಯ ಕಲ್ಪನೆ (4)
5.ಕೋರಿಕೆ ಪ್ರಸ್ತಾಪ ಒದಗಿಸಿದವ (3)
7.ನೆರೆಹೊರೆ ರೂಪದ ಮೇಲೆ ಕರೆದ ಹೋಲ್ (3)
9.ದೊಡ್ಡದೆಂಬ ಸಂತೃಪ್ತರು (2)
11.ಕೊರಳಾಗಿ ಕೆನ್ನೆಗಳನ್ನುವ ಮೂಲವರ (4)
12.ಅತಿ ಹತ್ತಿರದ ಬಗ್ಗೆಯನ್ನು ತೀರಿಸ್ಟ (3)
13.ಇದು ನಿಮ್ಮ ಉಸ್ತುವಾರ ಪದ (4)
14.ಪ್ರಾಚೀನ ಸುಖದ ಸಂದರ್ಭ ಬಾಳಿದವ (2)
16.ಆಪತ್ತು ನೋಡುತ್ತಾ ಮಹೀ ಹೆಸರು (3)
